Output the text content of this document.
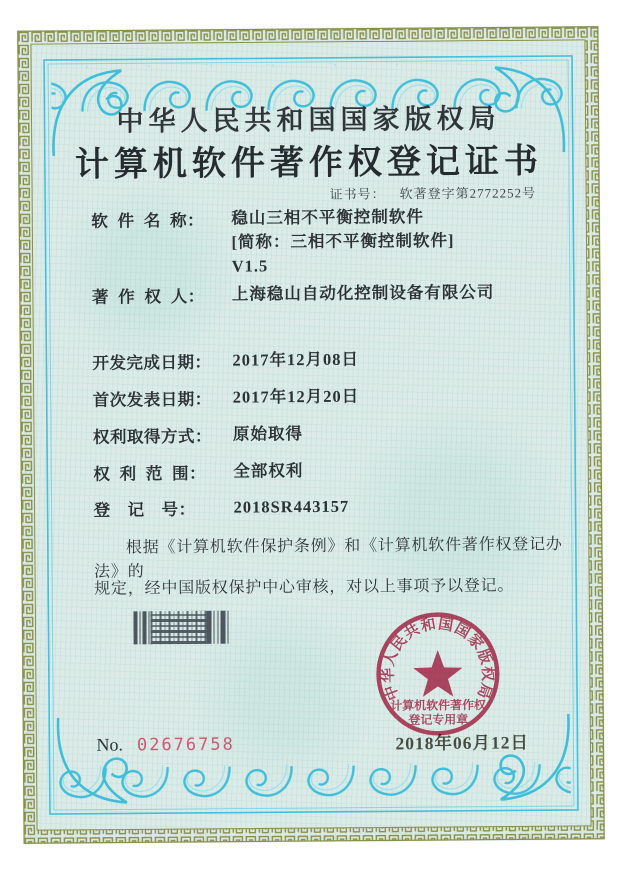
中华人民共和国国家版权局
计算机软件著作权登记证书
证书号： 软著登字第2772252号
软  件  名  称：	稳山三相不平衡控制软件
[简称：三相不平衡控制软件]
V1.5
著  作  权  人：	上海稳山自动化控制设备有限公司
开发完成日期：	2017年12月08日
首次发表日期：	2017年12月20日
权利取得方式：	原始取得
权  利  范  围：	全部权利
登　记　号：	2018SR443157
根据《计算机软件保护条例》和《计算机软件著作权登记办法》的
规定，经中国版权保护中心审核，对以上事项予以登记。
2018年06月12日
中华人民共和国国家版权局
计算机软件著作权
登记专用章
No. 02676758
